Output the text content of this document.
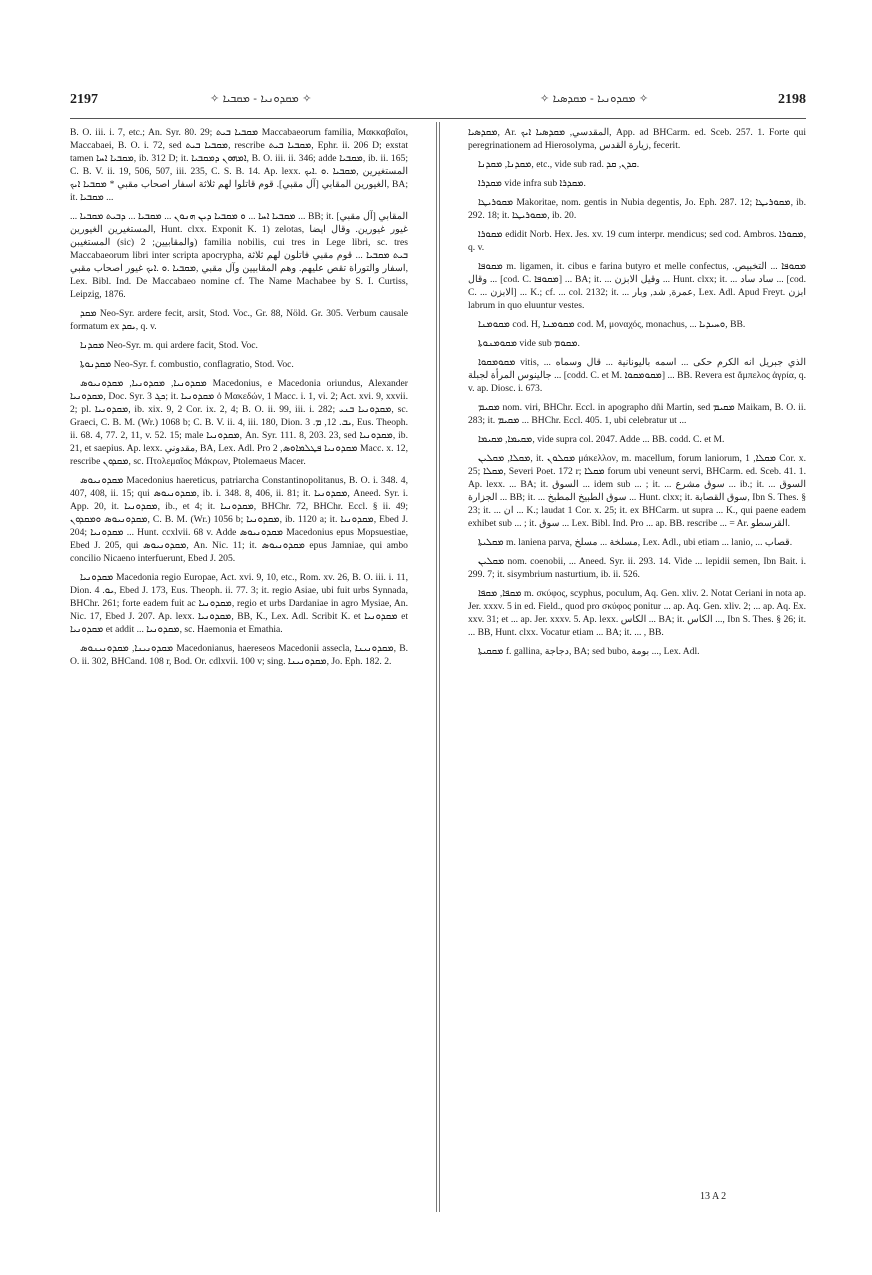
2197	✧ ܡܩܕܘܢܝܐ - ܡܩܒܝܐ ✧	✧ ܡܩܕܘܢܝܐ - ܡܩܕܣܝܐ ✧	2198

B. O. iii. i. 7, etc.; An. Syr. 80. 29; ܡܩܒܝܐ ܒܝܬ Maccabaeorum familia, Μακκαβαῖοι, Maccabaei, B. O. i. 72, sed ܡܩܒܝܐ ܒܝܬ, rescribe ܡܩܒܝܐ ܒܝܬ, Ephr. ii. 206 D; exstat tamen ܡܩܒܝܐ ܐܚܐ, ib. 312 D; it. ܐܡܗܘܢ ܕܡܩܒܝܐ, B. O. iii. ii. 346; adde ܡܩܒܝܐ, ib. ii. 165; C. B. V. ii. 19, 506, 507, iii. 235, C. S. B. 14. Ap. lexx. المستغيرين ,ܡܩܒܝܐ .ܘ .ܐܝܟ الغيورين المقابي [آل مقبي]. قوم قاتلوا لهم ثلاثة اسفار اصحاب مقبي * ܡܩܒܝܐ ܐܝܟ, BA; it. ܡܩܒܝܐ ...

... ܡܩܒܝܐ ܐܚܐ ... ܘ ܡܩܒܝܐ ܕܝܢ ܗܢܘܢ ... ܡܩܒܝܐ ... ܕܒܝܬ ܡܩܒܝܐ ... BB; it. المقابي [آل مقبي] المستغيرين الغيورين, Hunt. clxx. Exponit K. 1) zelotas, غيور غيورين. وقال ايضا المستغيبن (sic) والمقابيين; 2) familia nobilis, cui tres in Lege libri, sc. tres Maccabaeorum libri inter scripta apocrypha, ܒܝܬ ܡܩܒܝܐ ... قوم مقبي فاتلون لهم ثلاثة اسفار والتوراة تقص عليهم. وهم المقابيين وآل مقبي ,ܡܩܒܝܐ .ܘ .ܐܝܟ غيور اصحاب مقبي, Lex. Bibl. Ind. De Maccabaeo nomine cf. The Name Machabee by S. I. Curtiss, Leipzig, 1876.

ܡܩܕ Neo-Syr. ardere fecit, arsit, Stod. Voc., Gr. 88, Nöld. Gr. 305. Verbum causale formatum ex ܝܩܕ, q. v.

ܡܩܕܢܐ Neo-Syr. m. qui ardere facit, Stod. Voc.

ܡܩܕܢܘܬܐ Neo-Syr. f. combustio, conflagratio, Stod. Voc.

ܡܩܕܘܢܝܐ, ܡܩܕܘܢܝܐ, ܡܩܕܘܢܝܘܣ Macedonius, e Macedonia oriundus, Alexander ܡܩܕܘܢܝܐ, Doc. Syr. ܟܓ 3; it. ܡܩܕܘܢܝܐ ὁ Μακεδών, 1 Macc. i. 1, vi. 2; Act. xvi. 9, xxvii. 2; pl. ܡܩܕܘܢܝܐ, ib. xix. 9, 2 Cor. ix. 2, 4; B. O. ii. 99, iii. i. 282; ܡܩܕܘܢܝܐ ܒܢܝ, sc. Graeci, C. B. M. (Wr.) 1068 b; C. B. V. ii. 4, iii. 180, Dion. ܝܒ. 12, ܡ. 3, Eus. Theoph. ii. 68. 4, 77. 2, 11, v. 52. 15; male ܡܩܕܘܢܝܐ, An. Syr. 111. 8, 203. 23, sed ܡܩܕܘܢܝܐ, ib. 21, et saepius. Ap. lexx. مقدوني, BA, Lex. Adl. Pro ܡܩܕܘܢܝܐ ܦܛܠܡܐܘܣ, 2 Macc. x. 12, rescribe ܡܩܕܘܢ, sc. Πτολεμαῖος Μάκρων, Ptolemaeus Macer.

ܡܩܕܘܢܝܘܣ Macedonius haereticus, patriarcha Constantinopolitanus, B. O. i. 348. 4, 407, 408, ii. 15; qui ܡܩܕܘܢܝܘܣ, ib. i. 348. 8, 406, ii. 81; it. ܡܩܕܘܢܝܐ, Aneed. Syr. i. App. 20, it. ܡܩܕܘܢܝܐ, ib., et 4; it. ܡܩܕܘܢܝܐ, BHChr. 72, BHChr. Eccl. § ii. 49; ܡܩܕܘܢܝܘܣ ܘܡܩܕܘܢ, C. B. M. (Wr.) 1056 b; ܡܩܕܘܢܝܐ, ib. 1120 a; it. ܡܩܕܘܢܝܐ, Ebed J. 204; ܡܩܕܘܢܝܐ ... Hunt. ccxlvii. 68 v. Adde ܡܩܕܘܢܝܘܣ Macedonius epus Mopsuestiae, Ebed J. 205, qui ܡܩܕܘܢܝܘܣ, An. Nic. 11; it. ܡܩܕܘܢܝܘܣ epus Jamniae, qui ambo concilio Nicaeno interfuerunt, Ebed J. 205.

ܡܩܕܘܢܝܐ Macedonia regio Europae, Act. xvi. 9, 10, etc., Rom. xv. 26, B. O. iii. i. 11, Dion. ܝܘ. 4, Ebed J. 173, Eus. Theoph. ii. 77. 3; it. regio Asiae, ubi fuit urbs Synnada, BHChr. 261; forte eadem fuit ac ܡܩܕܘܢܝܐ, regio et urbs Dardaniae in agro Mysiae, An. Nic. 17, Ebed J. 207. Ap. lexx. ܡܩܕܘܢܝܐ, BB, K., Lex. Adl. Scribit K. et ܡܩܕܘܢܝܐ et ܡܩܕܘܢܝܐ et addit ... ܡܩܕܘܢܝܐ, sc. Haemonia et Emathia.

ܡܩܕܘܢܝܢܐ, ܡܩܕܘܢܝܢܘܣ Macedonianus, haereseos Macedonii assecla, ܡܩܕܘܢܝܢܐ, B. O. ii. 302, BHCand. 108 r, Bod. Or. cdlxvii. 100 v; sing. ܡܩܕܘܢܝܢܐ, Jo. Eph. 182. 2.

ܡܩܕܣܝܐ, Ar. المقدسي, ܡܩܕܣܝܐ ܐܝܟ, App. ad BHCarm. ed. Sceb. 257. 1. Forte qui peregrinationem ad Hierosolyma, زيارة القدس, fecerit.

ܡܩܕܢܐ, ܡܩܕܢܐ, etc., vide sub rad. ܩܕܢ, ܩܕ.

ܡܩܕܪܐ vide infra sub ܡܩܕܪܐ.

ܡܩܘܪܝܛܐ Makoritae, nom. gentis in Nubia degentis, Jo. Eph. 287. 12; ܡܩܘܪܝܛܐ, ib. 292. 18; it. ܡܩܘܪܝܛܐ, ib. 20.

ܡܩܘܪܐ edidit Norb. Hex. Jes. xv. 19 cum interpr. mendicus; sed cod. Ambros. ܡܩܘܪܐ, q. v.

ܡܩܘܦܐ m. ligamen, it. cibus e farina butyro et melle confectus, ܡܩܘܦܐ ... التخبيص. وقال ... [cod. C. ܡܩܘܦܐ] ... BA; it. ... وقيل الابزن ... Hunt. clxx; it. ... ساد ساد ... [cod. C. ... الابزن] ... K.; cf. ... col. 2132; it. ... عمرة, شد, وبار, Lex. Adl. Apud Freyt. ابزن labrum in quo eluuntur vestes.

ܡܩܘܡܢܐ cod. H, ܡܩܘܡܢܐ cod. M, μοναχός, monachus, ... ܘܚܝܕܝܐ, BB.

ܡܩܘܡܢܘܬܐ vide sub ܡܩܘܡ.

ܡܩܘܡܩܘܐ vitis, ... الذي جبريل انه الكرم حكى ... اسمه باليونانية ... قال وسماه جالينوس المرأة لجبلة ... [codd. C. et M. ܡܩܘܡܩܘܐ] ... BB. Revera est ἄμπελος ἀγρία, q. v. ap. Diosc. i. 673.

ܡܩܝܡ nom. viri, BHChr. Eccl. in apographo dñi Martin, sed ܡܩܝܡ Maikam, B. O. ii. 283; it. ܡܩܝܡ ... BHChr. Eccl. 405. 1, ubi celebratur ut ...

ܡܩܝܡܐ, ܡܩܝܡܐ, vide supra col. 2047. Adde ... BB. codd. C. et M.

ܡܩܠܐ, ܡܩܠܝܢ, it. ܡܩܠܘܢ μάκελλον, m. macellum, forum laniorum, ܡܩܠܐ, 1 Cor. x. 25; ܡܩܠܐ, Severi Poet. 172 r; ܡܩܠܐ forum ubi veneunt servi, BHCarm. ed. Sceb. 41. 1. Ap. lexx. ... BA; it. السوق ... idem sub ... ; it. ... سوق مشرع ... ib.; it. السوق ... الجزارة ... BB; it. ... سوق الطبيخ المطبخ ... Hunt. clxx; it. سوق القصابة, Ibn S. Thes. § 23; it. ... ان ... K.; laudat 1 Cor. x. 25; it. ex BHCarm. ut supra ... K., qui paene eadem exhibet sub ... ; it. سوق ... Lex. Bibl. Ind. Pro ... ap. BB. rescribe ... = Ar. القرسطو.

ܡܩܠܝܬܐ m. laniena parva, مسلخة ... مسلخ, Lex. Adl., ubi etiam ... lanio, ... قصاب.

ܡܩܠܝܢ nom. coenobii, ... Aneed. Syr. ii. 293. 14. Vide ... lepidii semen, Ibn Bait. i. 299. 7; it. sisymbrium nasturtium, ib. ii. 526.

ܡܩܦܐ, ܡܩܦܐ m. σκύφος, scyphus, poculum, Aq. Gen. xliv. 2. Notat Ceriani in nota ap. Jer. xxxv. 5 in ed. Field., quod pro σκύφος ponitur ... ap. Aq. Gen. xliv. 2; ... ap. Aq. Ex. xxv. 31; et ... ap. Jer. xxxv. 5. Ap. lexx. الكاس ... BA; it. الكاس ..., Ibn S. Thes. § 26; it. ... BB, Hunt. clxx. Vocatur etiam ... BA; it. ... , BB.

ܡܩܩܝܬܐ f. gallina, دجاجة, BA; sed bubo, بومة ..., Lex. Adl.

13 A 2
